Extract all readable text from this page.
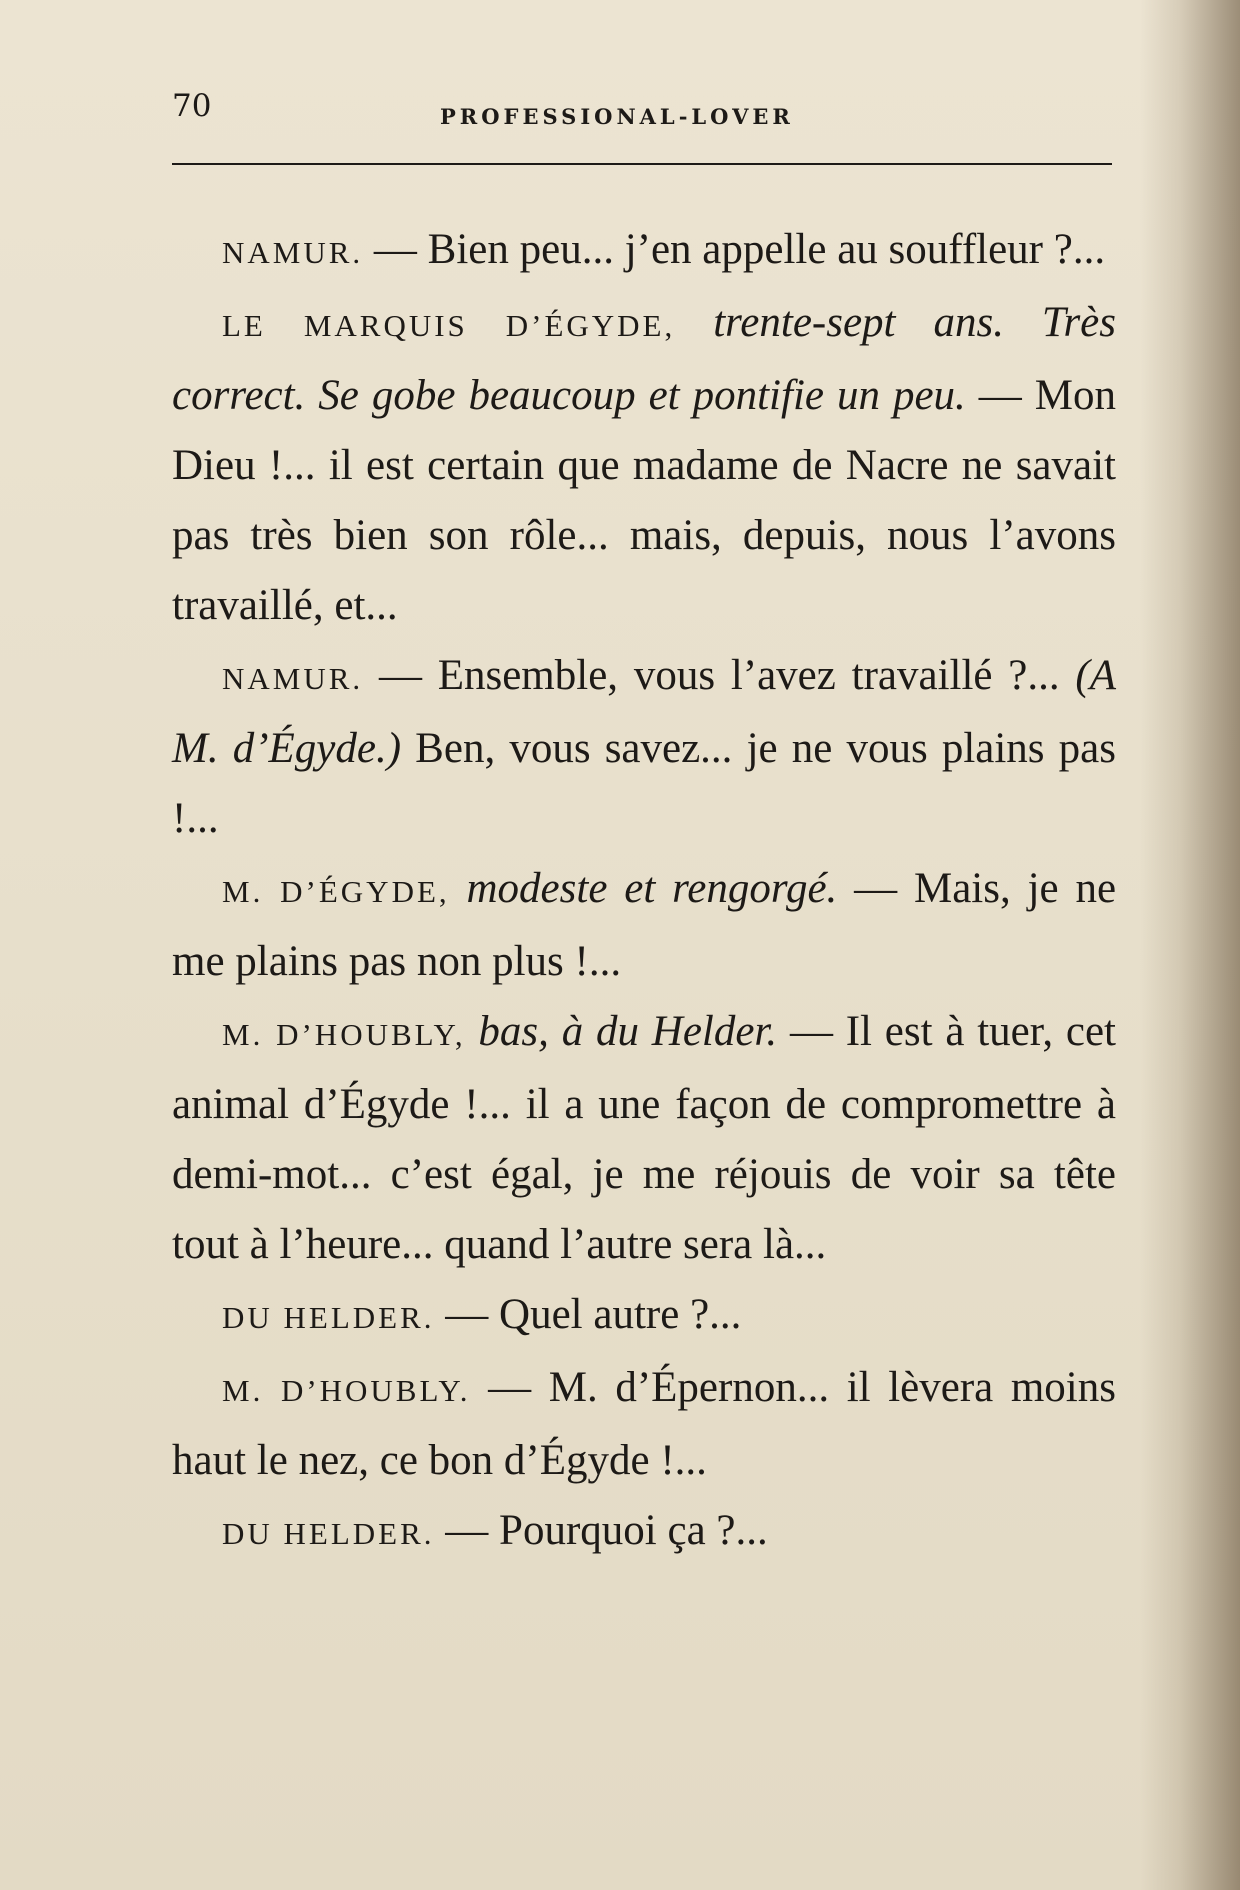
70	PROFESSIONAL-LOVER

NAMUR. — Bien peu... j’en appelle au souffleur ?...

LE MARQUIS D’ÉGYDE, trente-sept ans. Très correct. Se gobe beaucoup et pontifie un peu. — Mon Dieu !... il est certain que madame de Nacre ne savait pas très bien son rôle... mais, depuis, nous l’avons travaillé, et...

NAMUR. — Ensemble, vous l’avez travaillé ?... (A M. d’Égyde.) Ben, vous savez... je ne vous plains pas !...

M. D’ÉGYDE, modeste et rengorgé. — Mais, je ne me plains pas non plus !...

M. D’HOUBLY, bas, à du Helder. — Il est à tuer, cet animal d’Égyde !... il a une façon de compromettre à demi-mot... c’est égal, je me réjouis de voir sa tête tout à l’heure... quand l’autre sera là...

DU HELDER. — Quel autre ?...

M. D’HOUBLY. — M. d’Épernon... il lèvera moins haut le nez, ce bon d’Égyde !...

DU HELDER. — Pourquoi ça ?...
